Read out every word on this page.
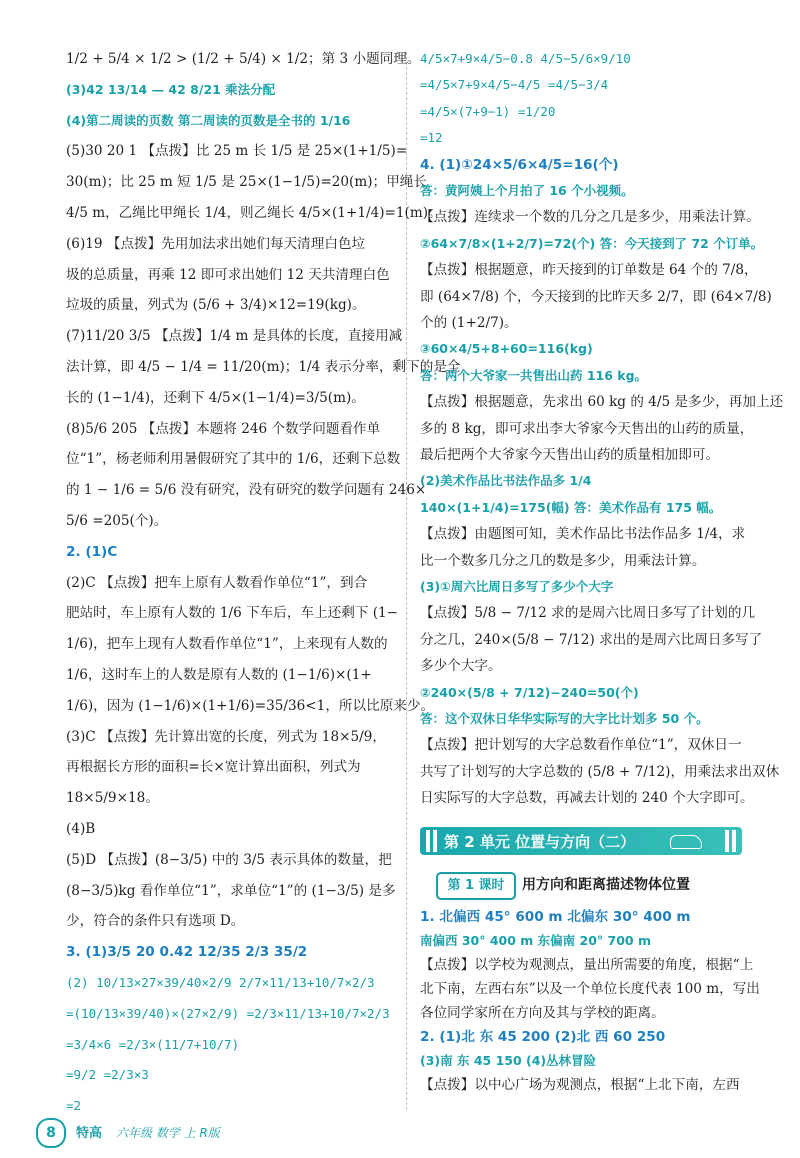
1/2 + 5/4 × 1/2 > (1/2 + 5/4) × 1/2；第 3 小题同理。
(3)42 13/14 — 42 8/21 乘法分配
(4)第二周读的页数 第二周读的页数是全书的 1/16
(5)30 20 1 【点拨】比 25 m 长 1/5 是 25×(1+1/5)=
30(m)；比 25 m 短 1/5 是 25×(1−1/5)=20(m)；甲绳长
4/5 m，乙绳比甲绳长 1/4，则乙绳长 4/5×(1+1/4)=1(m)。
(6)19 【点拨】先用加法求出她们每天清理白色垃
圾的总质量，再乘 12 即可求出她们 12 天共清理白色
垃圾的质量，列式为 (5/6 + 3/4)×12=19(kg)。
(7)11/20 3/5 【点拨】1/4 m 是具体的长度，直接用减
法计算，即 4/5 − 1/4 = 11/20(m)；1/4 表示分率，剩下的是全
长的 (1−1/4)，还剩下 4/5×(1−1/4)=3/5(m)。
(8)5/6 205 【点拨】本题将 246 个数学问题看作单
位“1”，杨老师利用暑假研究了其中的 1/6，还剩下总数
的 1 − 1/6 = 5/6 没有研究，没有研究的数学问题有 246×
5/6 =205(个)。
2. (1)C
(2)C 【点拨】把车上原有人数看作单位“1”，到合
肥站时，车上原有人数的 1/6 下车后，车上还剩下 (1−
1/6)，把车上现有人数看作单位“1”，上来现有人数的
1/6，这时车上的人数是原有人数的 (1−1/6)×(1+
1/6)，因为 (1−1/6)×(1+1/6)=35/36<1，所以比原来少。
(3)C 【点拨】先计算出宽的长度，列式为 18×5/9，
再根据长方形的面积=长×宽计算出面积，列式为
18×5/9×18。
(4)B
(5)D 【点拨】(8−3/5) 中的 3/5 表示具体的数量，把
(8−3/5)kg 看作单位“1”，求单位“1”的 (1−3/5) 是多
少，符合的条件只有选项 D。
3. (1)3/5 20 0.42 12/35 2/3 35/2
(2) 10/13×27×39/40×2/9 2/7×11/13+10/7×2/3
=(10/13×39/40)×(27×2/9) =2/3×11/13+10/7×2/3
=3/4×6 =2/3×(11/7+10/7)
=9/2 =2/3×3
=2
4/5×7+9×4/5−0.8 4/5−5/6×9/10
=4/5×7+9×4/5−4/5 =4/5−3/4
=4/5×(7+9−1) =1/20
=12
4. (1)①24×5/6×4/5=16(个)
答：黄阿姨上个月拍了 16 个小视频。
【点拨】连续求一个数的几分之几是多少，用乘法计算。
②64×7/8×(1+2/7)=72(个) 答：今天接到了 72 个订单。
【点拨】根据题意，昨天接到的订单数是 64 个的 7/8，
即 (64×7/8) 个，今天接到的比昨天多 2/7，即 (64×7/8)
个的 (1+2/7)。
③60×4/5+8+60=116(kg)
答：两个大爷家一共售出山药 116 kg。
【点拨】根据题意，先求出 60 kg 的 4/5 是多少，再加上还
多的 8 kg，即可求出李大爷家今天售出的山药的质量，
最后把两个大爷家今天售出山药的质量相加即可。
(2)美术作品比书法作品多 1/4
140×(1+1/4)=175(幅) 答：美术作品有 175 幅。
【点拨】由题图可知，美术作品比书法作品多 1/4，求
比一个数多几分之几的数是多少，用乘法计算。
(3)①周六比周日多写了多少个大字
【点拨】5/8 − 7/12 求的是周六比周日多写了计划的几
分之几，240×(5/8 − 7/12) 求出的是周六比周日多写了
多少个大字。
②240×(5/8 + 7/12)−240=50(个)
答：这个双休日华华实际写的大字比计划多 50 个。
【点拨】把计划写的大字总数看作单位“1”，双休日一
共写了计划写的大字总数的 (5/8 + 7/12)，用乘法求出双休
日实际写的大字总数，再减去计划的 240 个大字即可。
第 2 单元 位置与方向（二）
第 1 课时	用方向和距离描述物体位置
1. 北偏西 45° 600 m 北偏东 30° 400 m
南偏西 30° 400 m 东偏南 20° 700 m
【点拨】以学校为观测点，量出所需要的角度，根据“上
北下南，左西右东”以及一个单位长度代表 100 m，写出
各位同学家所在方向及其与学校的距离。
2. (1)北 东 45 200 (2)北 西 60 250
(3)南 东 45 150 (4)丛林冒险
【点拨】以中心广场为观测点，根据“上北下南，左西
8	特高 六年级 数学 上 R版
